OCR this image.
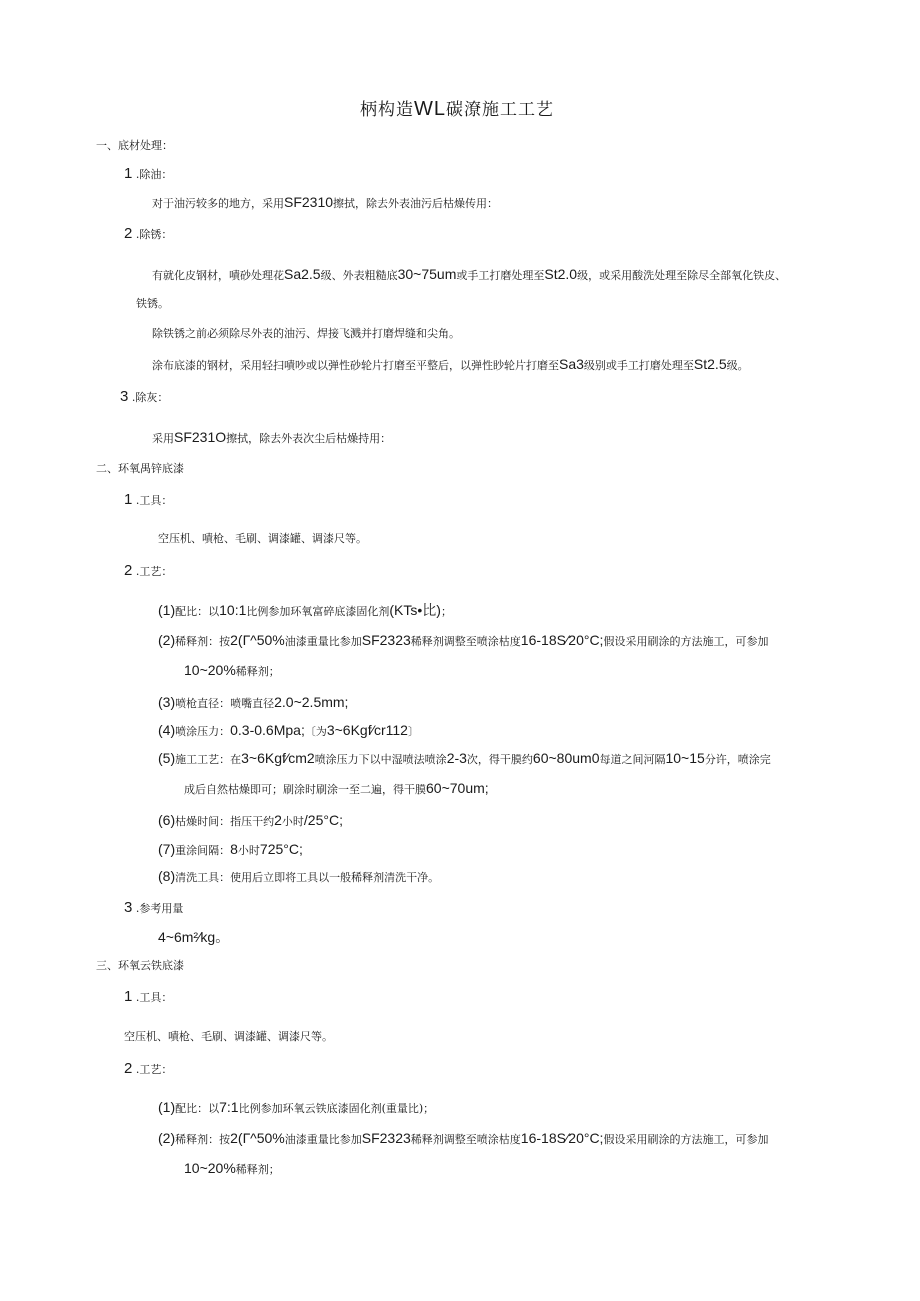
柄构造WL碳潦施工工艺
一、底材处理：
1 .除油：
对于油污较多的地方，采用SF2310擦拭，除去外表油污后枯燥传用：
2 .除锈：
有就化皮钢材，嘖砂处理花Sa2.5级、外表粗糙底30~75um或手工打磨处理至St2.0级，或采用酸洗处理至除尽全部氧化铁皮、
铁锈。
除铁锈之前必须除尽外表的油污、焊接飞溅并打磨焊缝和尖角。
涂布底漆的钢材，采用轻扫嘖吵或以弹性砂轮片打磨至平整后，以弹性眇轮片打磨至Sa3级别或手工打磨处理至St2.5级。
3 .除灰：
采用SF231O擦拭，除去外表次尘后枯燥持用：
二、环氧禺锌底漆
1 .工具：
空压机、嘖枪、毛刷、调漆罐、调漆尺等。
2 .工艺：
(1)配比：以10:1比例参加环氧富碎底漆固化剂(KTs•比)；
(2)稀释剂：按2(Г^50%油漆重量比参加SF2323稀释剂调整至喷涂枯度16-18S⁄20°C;假设采用刷涂的方法施工，可参加
10~20%稀释剂；
(3)喷枪直径：喷嘴直径2.0~2.5mm;
(4)喷涂压力：0.3-0.6Mpa;〔为3~6Kgf⁄cr112〕
(5)施工工艺：在3~6Kgf⁄cm2喷涂压力下以中湿喷法喷涂2-3次，得干膜约60~80um0每道之间河隔10~15分许，喷涂完
成后自然枯燥即可；刷涂时刷涂一至二遍，得干膜60~70um;
(6)枯燥时间：指压干约2小时/25°C;
(7)重涂间隔：8小时725°C;
(8)清洗工具：使用后立即将工具以一般稀释剂清洗干净。
3 .参考用量
4~6m²⁄kg。
三、环氧云铁底漆
1 .工具：
空压机、嘖枪、毛刷、调漆罐、调漆尺等。
2 .工艺：
(1)配比：以7:1比例参加环氧云铁底漆固化剂(重量比)；
(2)稀释剂：按2(Г^50%油漆重量比参加SF2323稀释剂调整至喷涂枯度16-18S⁄20°C;假设采用刷涂的方法施工，可参加
10~20%稀释剂；
